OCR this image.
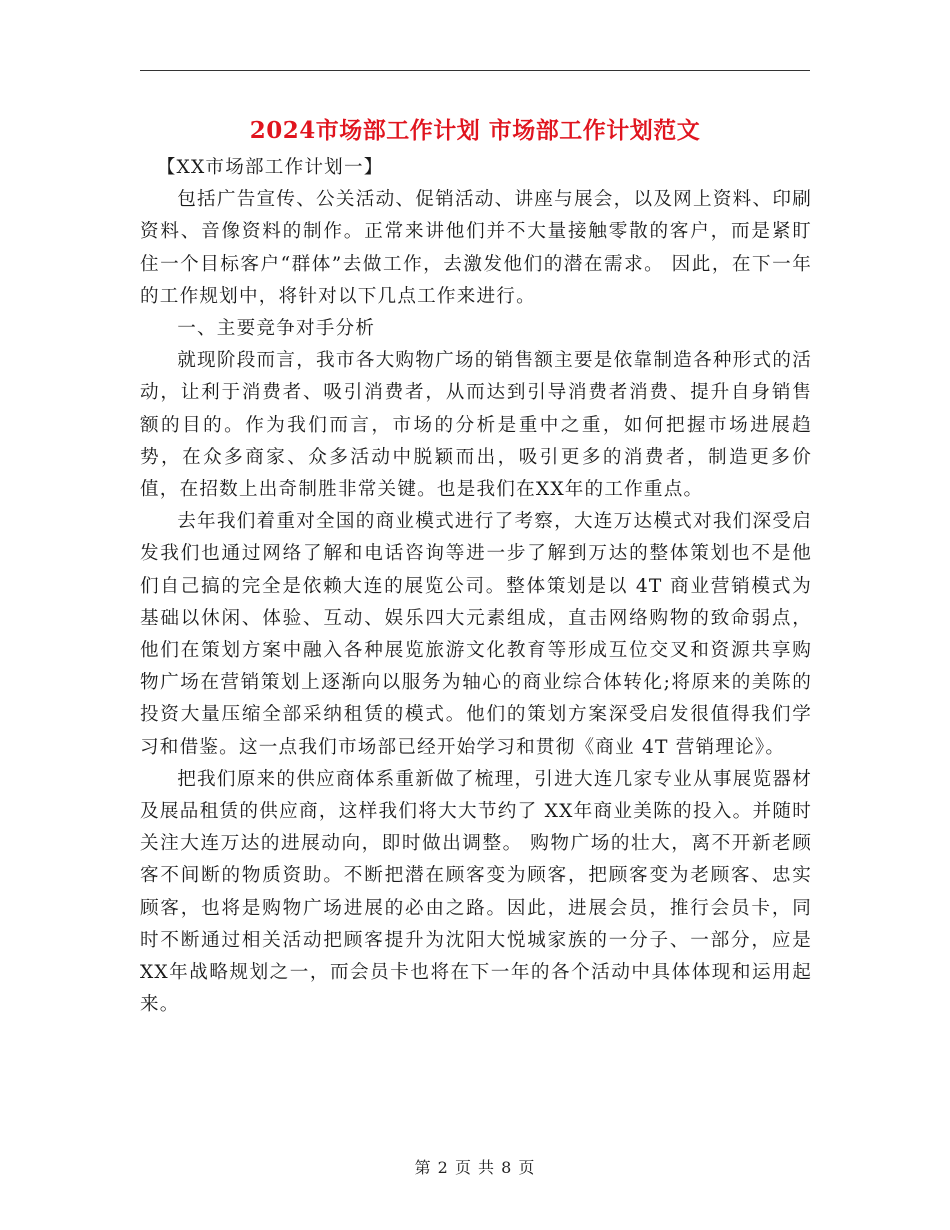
2024市场部工作计划 市场部工作计划范文

【XX市场部工作计划一】

包括广告宣传、公关活动、促销活动、讲座与展会，以及网上资料、印刷资料、音像资料的制作。正常来讲他们并不大量接触零散的客户，而是紧盯住一个目标客户“群体”去做工作，去激发他们的潜在需求。 因此，在下一年的工作规划中，将针对以下几点工作来进行。

一、主要竞争对手分析

就现阶段而言，我市各大购物广场的销售额主要是依靠制造各种形式的活动，让利于消费者、吸引消费者，从而达到引导消费者消费、提升自身销售额的目的。作为我们而言，市场的分析是重中之重，如何把握市场进展趋势，在众多商家、众多活动中脱颖而出，吸引更多的消费者，制造更多价值，在招数上出奇制胜非常关键。也是我们在XX年的工作重点。

去年我们着重对全国的商业模式进行了考察，大连万达模式对我们深受启发我们也通过网络了解和电话咨询等进一步了解到万达的整体策划也不是他们自己搞的完全是依赖大连的展览公司。整体策划是以 4T 商业营销模式为基础以休闲、体验、互动、娱乐四大元素组成，直击网络购物的致命弱点，他们在策划方案中融入各种展览旅游文化教育等形成互位交叉和资源共享购物广场在营销策划上逐渐向以服务为轴心的商业综合体转化;将原来的美陈的投资大量压缩全部采纳租赁的模式。他们的策划方案深受启发很值得我们学习和借鉴。这一点我们市场部已经开始学习和贯彻《商业 4T 营销理论》。

把我们原来的供应商体系重新做了梳理，引进大连几家专业从事展览器材及展品租赁的供应商，这样我们将大大节约了 XX年商业美陈的投入。并随时关注大连万达的进展动向，即时做出调整。 购物广场的壮大，离不开新老顾客不间断的物质资助。不断把潜在顾客变为顾客，把顾客变为老顾客、忠实顾客，也将是购物广场进展的必由之路。因此，进展会员，推行会员卡，同时不断通过相关活动把顾客提升为沈阳大悦城家族的一分子、一部分，应是XX年战略规划之一，而会员卡也将在下一年的各个活动中具体体现和运用起来。

第 2 页 共 8 页
